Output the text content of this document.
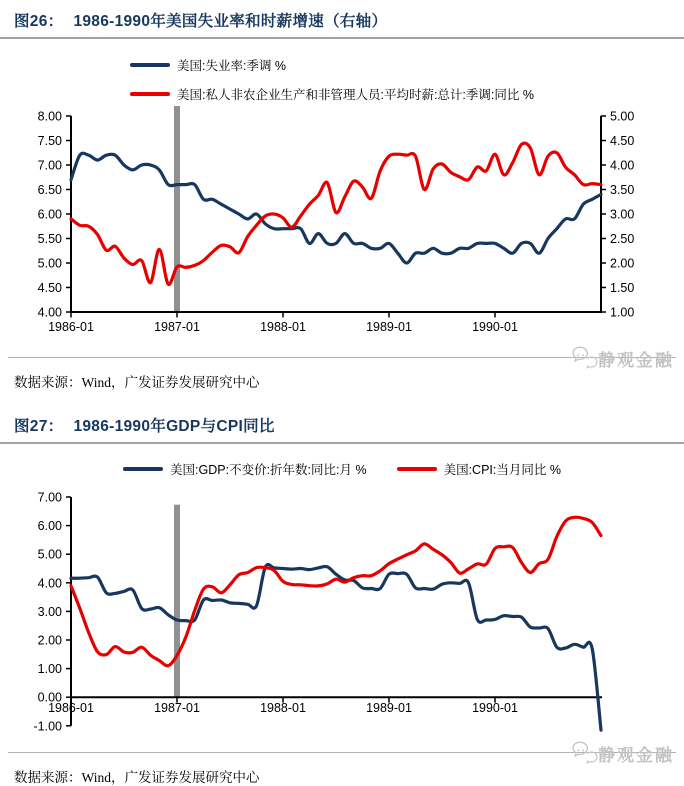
图26： 1986-1990年美国失业率和时薪增速（右轴）
美国:失业率:季调 %
美国:私人非农企业生产和非管理人员:平均时薪:总计:季调:同比 %
8.00
7.50
7.00
6.50
6.00
5.50
5.00
4.50
4.00
5.00
4.50
4.00
3.50
3.00
2.50
2.00
1.50
1.00
1986-01	1987-01	1988-01	1989-01	1990-01
静观金融
数据来源：Wind，广发证券发展研究中心
图27： 1986-1990年GDP与CPI同比
美国:GDP:不变价:折年数:同比:月 %	美国:CPI:当月同比 %
7.00
6.00
5.00
4.00
3.00
2.00
1.00
0.00
-1.00
1986-01	1987-01	1988-01	1989-01	1990-01
静观金融
数据来源：Wind，广发证券发展研究中心
